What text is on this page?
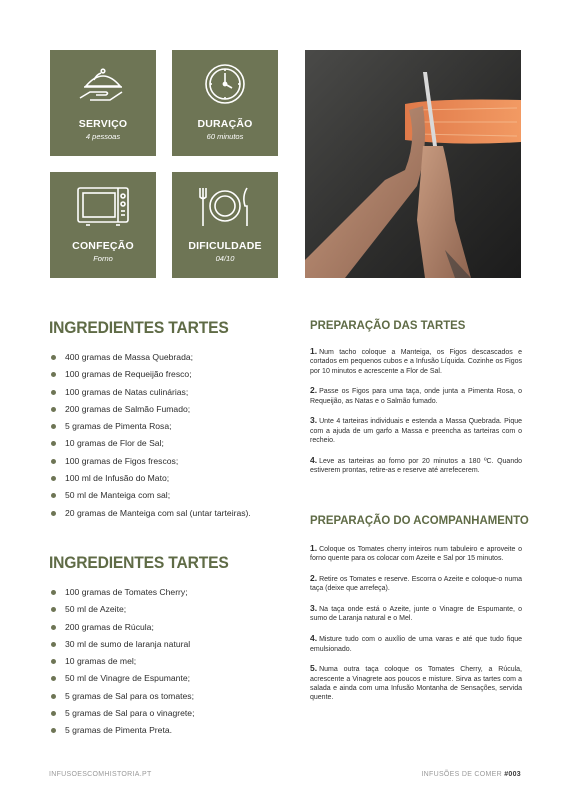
SERVIÇO
4 pessoas
DURAÇÃO
60 minutos
CONFEÇÃO
Forno
DIFICULDADE
04/10
INGREDIENTES TARTES
400 gramas de Massa Quebrada;
100 gramas de Requeijão fresco;
100 gramas de Natas culinárias;
200 gramas de Salmão Fumado;
5 gramas de Pimenta Rosa;
10 gramas de Flor de Sal;
100 gramas de Figos frescos;
100 ml de Infusão do Mato;
50 ml de Manteiga com sal;
20 gramas de Manteiga com sal (untar tarteiras).
INGREDIENTES TARTES
100 gramas de Tomates Cherry;
50 ml de Azeite;
200 gramas de Rúcula;
30 ml de sumo de laranja natural
10 gramas de mel;
50 ml de Vinagre de Espumante;
5 gramas de Sal para os tomates;
5 gramas de Sal para o vinagrete;
5 gramas de Pimenta Preta.
PREPARAÇÃO DAS TARTES
1. Num tacho coloque a Manteiga, os Figos descascados e cortados em pequenos cubos e a Infusão Líquida. Cozinhe os Figos por 10 minutos e acrescente a Flor de Sal.
2. Passe os Figos para uma taça, onde junta a Pimenta Rosa, o Requeijão, as Natas e o Salmão fumado.
3. Unte 4 tarteiras individuais e estenda a Massa Quebrada. Pique com a ajuda de um garfo a Massa e preencha as tarteiras com o recheio.
4. Leve as tarteiras ao forno por 20 minutos a 180 ºC. Quando estiverem prontas, retire-as e reserve até arrefecerem.
PREPARAÇÃO DO ACOMPANHAMENTO
1. Coloque os Tomates cherry inteiros num tabuleiro e aproveite o forno quente para os colocar com Azeite e Sal por 15 minutos.
2. Retire os Tomates e reserve. Escorra o Azeite e coloque-o numa taça (deixe que arrefeça).
3. Na taça onde está o Azeite, junte o Vinagre de Espumante, o sumo de Laranja natural e o Mel.
4. Misture tudo com o auxílio de uma varas e até que tudo fique emulsionado.
5. Numa outra taça coloque os Tomates Cherry, a Rúcula, acrescente a Vinagrete aos poucos e misture. Sirva as tartes com a salada e ainda com uma Infusão Montanha de Sensações, servida quente.
INFUSOESCOMHISTORIA.PT	INFUSÕES DE COMER #003
